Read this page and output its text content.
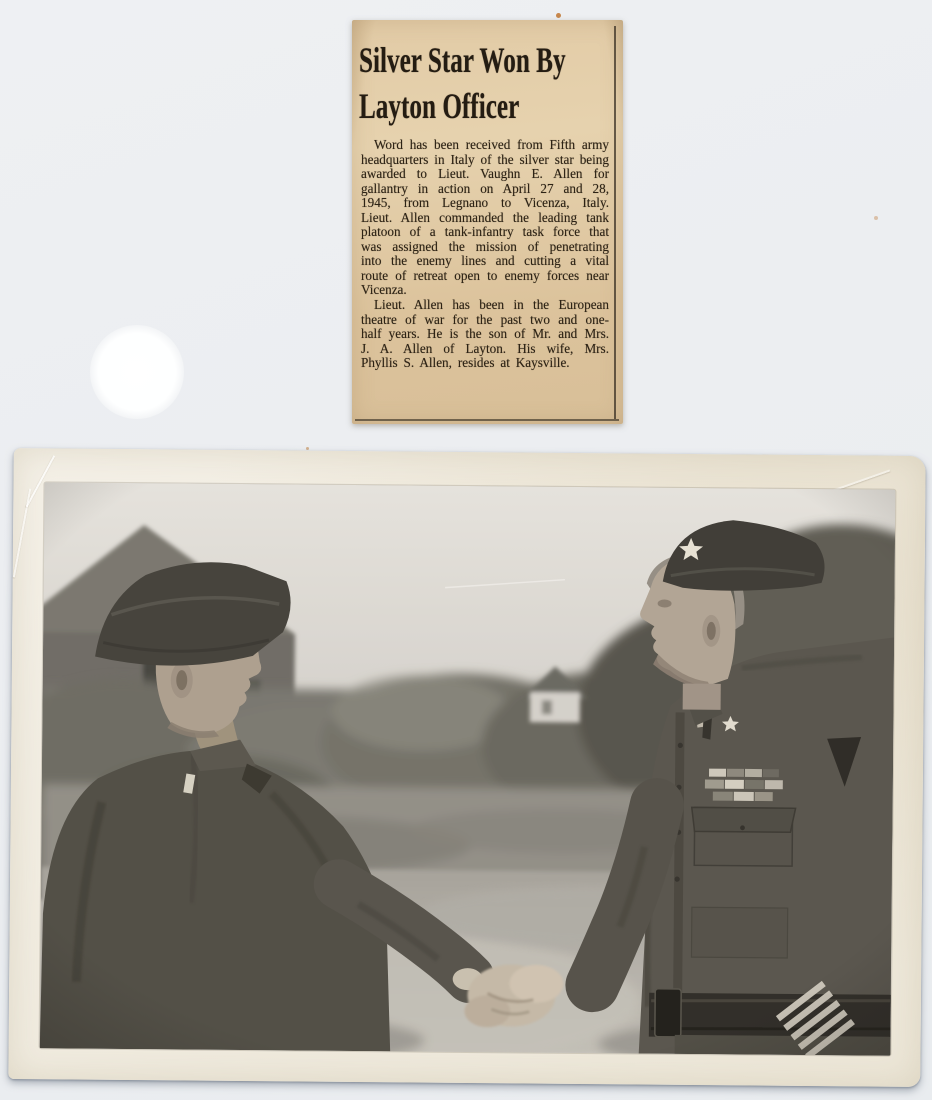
Silver Star Won By
Layton Officer

Word has been received from Fifth army headquarters in Italy of the silver star being awarded to Lieut. Vaughn E. Allen for gallantry in action on April 27 and 28, 1945, from Legnano to Vicenza, Italy. Lieut. Allen commanded the leading tank platoon of a tank-infantry task force that was assigned the mission of penetrating into the enemy lines and cutting a vital route of retreat open to enemy forces near Vicenza.

Lieut. Allen has been in the European theatre of war for the past two and one-half years. He is the son of Mr. and Mrs. J. A. Allen of Layton. His wife, Mrs. Phyllis S. Allen, resides at Kaysville.
